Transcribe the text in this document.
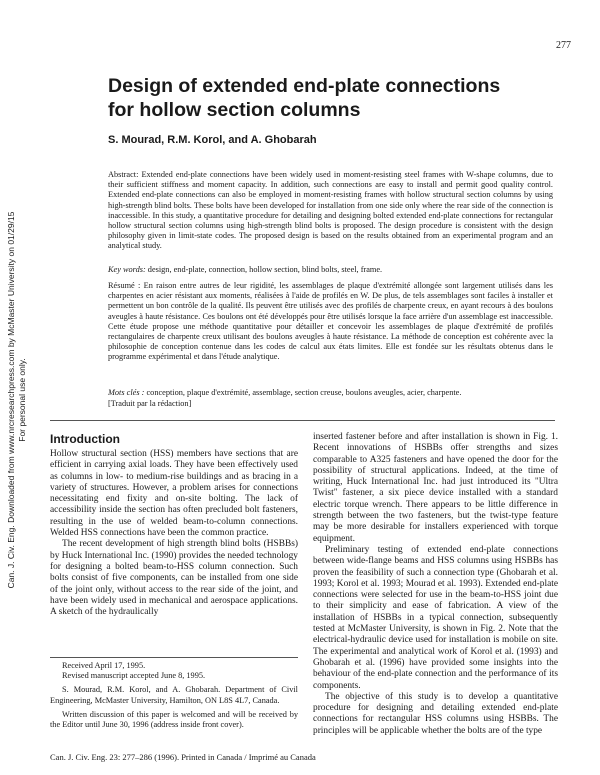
277
Can. J. Civ. Eng. Downloaded from www.nrcresearchpress.com by McMaster University on 01/29/15 For personal use only.
Design of extended end-plate connections for hollow section columns
S. Mourad, R.M. Korol, and A. Ghobarah
Abstract: Extended end-plate connections have been widely used in moment-resisting steel frames with W-shape columns, due to their sufficient stiffness and moment capacity. In addition, such connections are easy to install and permit good quality control. Extended end-plate connections can also be employed in moment-resisting frames with hollow structural section columns by using high-strength blind bolts. These bolts have been developed for installation from one side only where the rear side of the connection is inaccessible. In this study, a quantitative procedure for detailing and designing bolted extended end-plate connections for rectangular hollow structural section columns using high-strength blind bolts is proposed. The design procedure is consistent with the design philosophy given in limit-state codes. The proposed design is based on the results obtained from an experimental program and an analytical study.
Key words: design, end-plate, connection, hollow section, blind bolts, steel, frame.
Résumé : En raison entre autres de leur rigidité, les assemblages de plaque d'extrémité allongée sont largement utilisés dans les charpentes en acier résistant aux moments, réalisées à l'aide de profilés en W. De plus, de tels assemblages sont faciles à installer et permettent un bon contrôle de la qualité. Ils peuvent être utilisés avec des profilés de charpente creux, en ayant recours à des boulons aveugles à haute résistance. Ces boulons ont été développés pour être utilisés lorsque la face arrière d'un assemblage est inaccessible. Cette étude propose une méthode quantitative pour détailler et concevoir les assemblages de plaque d'extrémité de profilés rectangulaires de charpente creux utilisant des boulons aveugles à haute résistance. La méthode de conception est cohérente avec la philosophie de conception contenue dans les codes de calcul aux états limites. Elle est fondée sur les résultats obtenus dans le programme expérimental et dans l'étude analytique.
Mots clés : conception, plaque d'extrémité, assemblage, section creuse, boulons aveugles, acier, charpente.
[Traduit par la rédaction]
Introduction

Hollow structural section (HSS) members have sections that are efficient in carrying axial loads. They have been effectively used as columns in low- to medium-rise buildings and as bracing in a variety of structures. However, a problem arises for connections necessitating end fixity and on-site bolting. The lack of accessibility inside the section has often precluded bolt fasteners, resulting in the use of welded beam-to-column connections. Welded HSS connections have been the common practice.

The recent development of high strength blind bolts (HSBBs) by Huck International Inc. (1990) provides the needed technology for designing a bolted beam-to-HSS column connection. Such bolts consist of five components, can be installed from one side of the joint only, without access to the rear side of the joint, and have been widely used in mechanical and aerospace applications. A sketch of the hydraulically

Received April 17, 1995.

Revised manuscript accepted June 8, 1995.

S. Mourad, R.M. Korol, and A. Ghobarah. Department of Civil Engineering, McMaster University, Hamilton, ON L8S 4L7, Canada.

Written discussion of this paper is welcomed and will be received by the Editor until June 30, 1996 (address inside front cover).

inserted fastener before and after installation is shown in Fig. 1. Recent innovations of HSBBs offer strengths and sizes comparable to A325 fasteners and have opened the door for the possibility of structural applications. Indeed, at the time of writing, Huck International Inc. had just introduced its "Ultra Twist" fastener, a six piece device installed with a standard electric torque wrench. There appears to be little difference in strength between the two fasteners, but the twist-type feature may be more desirable for installers experienced with torque equipment.

Preliminary testing of extended end-plate connections between wide-flange beams and HSS columns using HSBBs has proven the feasibility of such a connection type (Ghobarah et al. 1993; Korol et al. 1993; Mourad et al. 1993). Extended end-plate connections were selected for use in the beam-to-HSS joint due to their simplicity and ease of fabrication. A view of the installation of HSBBs in a typical connection, subsequently tested at McMaster University, is shown in Fig. 2. Note that the electrical-hydraulic device used for installation is mobile on site. The experimental and analytical work of Korol et al. (1993) and Ghobarah et al. (1996) have provided some insights into the behaviour of the end-plate connection and the performance of its components.

The objective of this study is to develop a quantitative procedure for designing and detailing extended end-plate connections for rectangular HSS columns using HSBBs. The principles will be applicable whether the bolts are of the type

Can. J. Civ. Eng. 23: 277–286 (1996). Printed in Canada / Imprimé au Canada
